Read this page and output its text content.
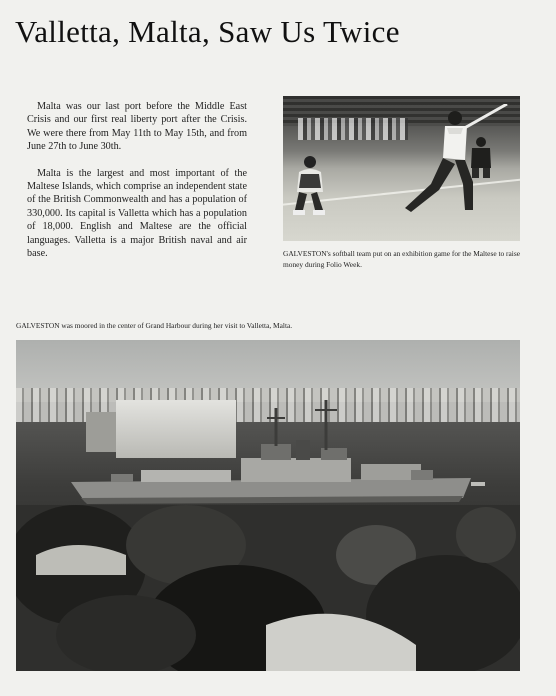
Valletta, Malta, Saw Us Twice

Malta was our last port before the Middle East Crisis and our first real liberty port after the Crisis. We were there from May 11th to May 15th, and from June 27th to June 30th.

Malta is the largest and most important of the Maltese Islands, which comprise an independent state of the British Commonwealth and has a population of 330,000. Its capital is Valletta which has a population of 18,000. English and Maltese are the official languages. Valletta is a major British naval and air base.	GALVESTON's softball team put on an exhibition game for the Maltese to raise money during Folio Week.
GALVESTON was moored in the center of Grand Harbour during her visit to Valletta, Malta.
